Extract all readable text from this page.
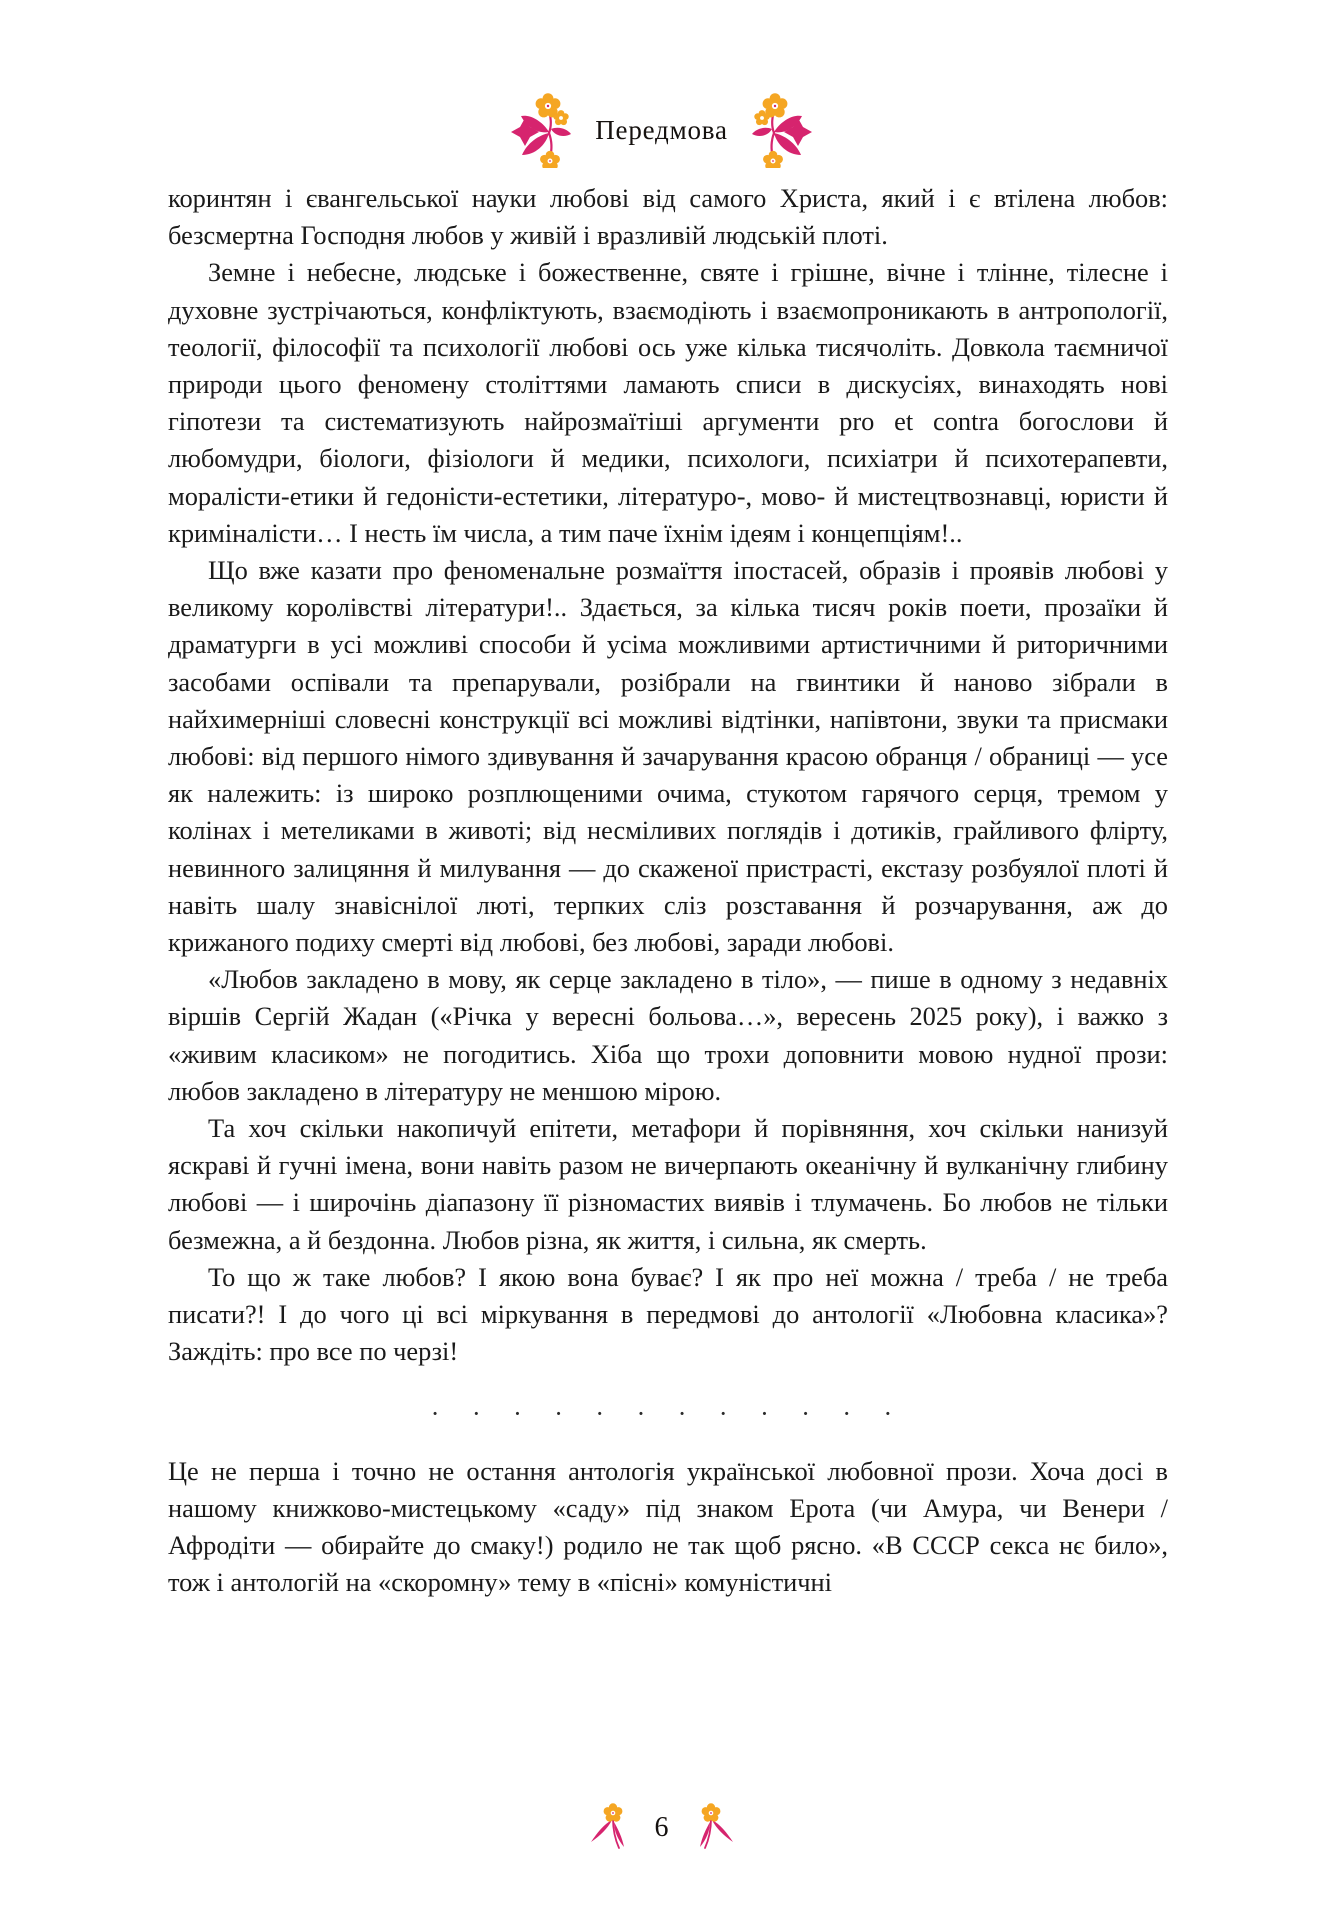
Передмова

коринтян і євангельської науки любові від самого Христа, який і є втілена любов: безсмертна Господня любов у живій і вразливій людській плоті.

Земне і небесне, людське і божественне, святе і грішне, вічне і тлінне, тілесне і духовне зустрічаються, конфліктують, взаємодіють і взаємопроникають в антропології, теології, філософії та психології любові ось уже кілька тисячоліть. Довкола таємничої природи цього феномену століттями ламають списи в дискусіях, винаходять нові гіпотези та систематизують найрозмаїтіші аргументи pro et contra богослови й любомудри, біологи, фізіологи й медики, психологи, психіатри й психотерапевти, моралісти-етики й гедоністи-естетики, літературо-, мово- й мистецтвознавці, юристи й криміналісти… І несть їм числа, а тим паче їхнім ідеям і концепціям!..

Що вже казати про феноменальне розмаїття іпостасей, образів і проявів любові у великому королівстві літератури!.. Здається, за кілька тисяч років поети, прозаїки й драматурги в усі можливі способи й усіма можливими артистичними й риторичними засобами оспівали та препарували, розібрали на гвинтики й наново зібрали в найхимерніші словесні конструкції всі можливі відтінки, напівтони, звуки та присмаки любові: від першого німого здивування й зачарування красою обранця / обраниці — усе як належить: із широко розплющеними очима, стукотом гарячого серця, тремом у колінах і метеликами в животі; від несміливих поглядів і дотиків, грайливого флірту, невинного залицяння й милування — до скаженої пристрасті, екстазу розбуялої плоті й навіть шалу знавіснілої люті, терпких сліз розставання й розчарування, аж до крижаного подиху смерті від любові, без любові, заради любові.

«Любов закладено в мову, як серце закладено в тіло», — пише в одному з недавніх віршів Сергій Жадан («Річка у вересні больова…», вересень 2025 року), і важко з «живим класиком» не погодитись. Хіба що трохи доповнити мовою нудної прози: любов закладено в літературу не меншою мірою.

Та хоч скільки накопичуй епітети, метафори й порівняння, хоч скільки нанизуй яскраві й гучні імена, вони навіть разом не вичерпають океанічну й вулканічну глибину любові — і широчінь діапазону її різномастих виявів і тлумачень. Бо любов не тільки безмежна, а й бездонна. Любов різна, як життя, і сильна, як смерть.

То що ж таке любов? І якою вона буває? І як про неї можна / треба / не треба писати?! І до чого ці всі міркування в передмові до антології «Любовна класика»? Заждіть: про все по черзі!

· · · · · · · · · · · ·

Це не перша і точно не остання антологія української любовної прози. Хоча досі в нашому книжково-мистецькому «саду» під знаком Ерота (чи Амура, чи Венери / Афродіти — обирайте до смаку!) родило не так щоб рясно. «В СССР секса нє било», тож і антологій на «скоромну» тему в «пісні» комуністичні

6
